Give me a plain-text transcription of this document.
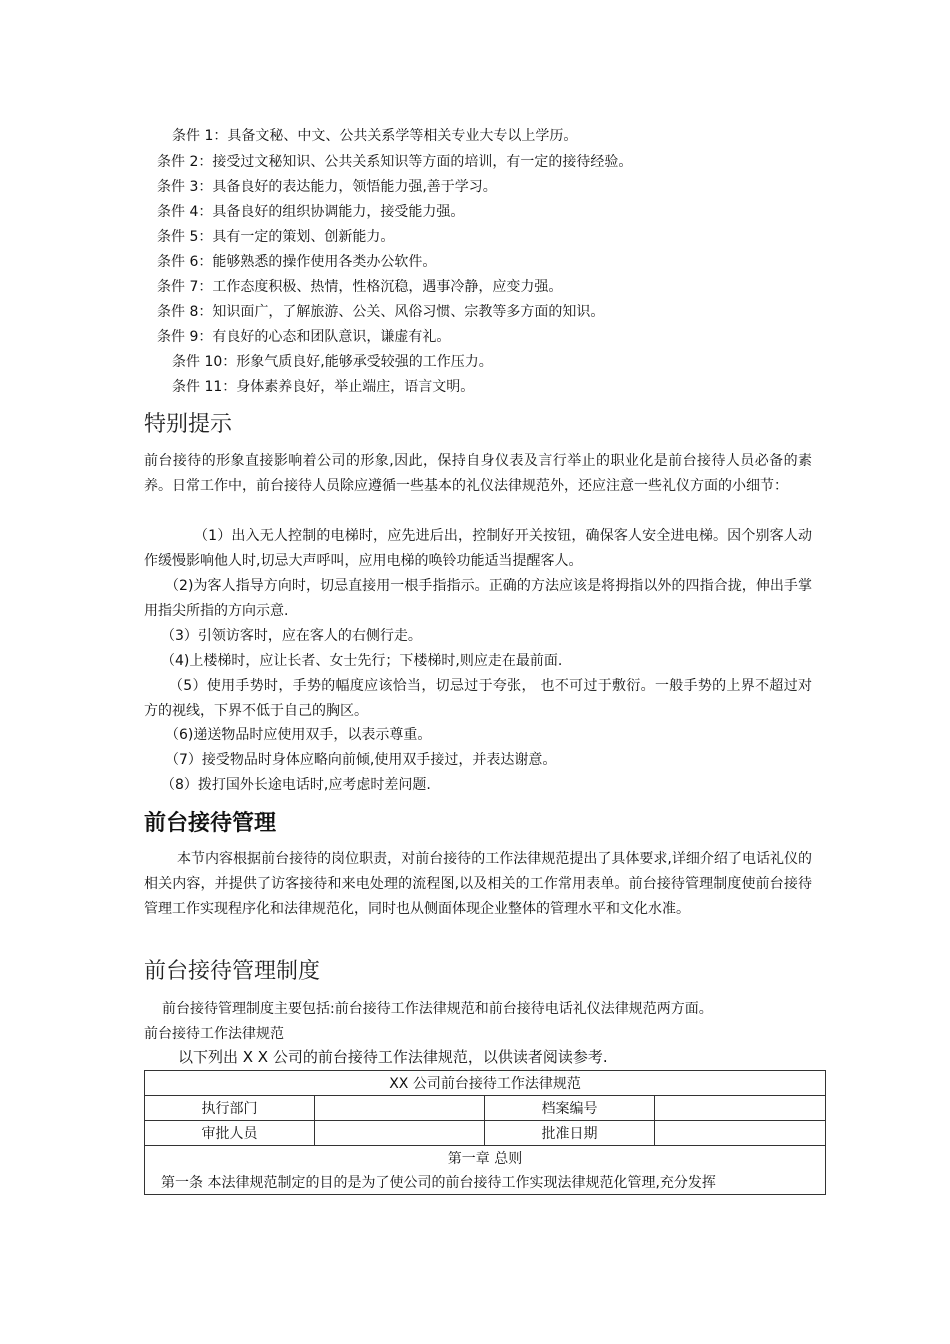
条件 1：具备文秘、中文、公共关系学等相关专业大专以上学历。
条件 2：接受过文秘知识、公共关系知识等方面的培训，有一定的接待经验。
条件 3：具备良好的表达能力，领悟能力强,善于学习。
条件 4：具备良好的组织协调能力，接受能力强。
条件 5：具有一定的策划、创新能力。
条件 6：能够熟悉的操作使用各类办公软件。
条件 7：工作态度积极、热情，性格沉稳，遇事冷静，应变力强。
条件 8：知识面广，了解旅游、公关、风俗习惯、宗教等多方面的知识。
条件 9：有良好的心态和团队意识，谦虚有礼。
条件 10：形象气质良好,能够承受较强的工作压力。
条件 11：身体素养良好，举止端庄，语言文明。
特别提示
前台接待的形象直接影响着公司的形象,因此，保持自身仪表及言行举止的职业化是前台接待人员必备的素养。日常工作中，前台接待人员除应遵循一些基本的礼仪法律规范外，还应注意一些礼仪方面的小细节：
（1）出入无人控制的电梯时，应先进后出，控制好开关按钮，确保客人安全进电梯。因个别客人动作缓慢影响他人时,切忌大声呼叫，应用电梯的唤铃功能适当提醒客人。
（2)为客人指导方向时，切忌直接用一根手指指示。正确的方法应该是将拇指以外的四指合拢，伸出手掌用指尖所指的方向示意.
（3）引领访客时，应在客人的右侧行走。
（4)上楼梯时，应让长者、女士先行；下楼梯时,则应走在最前面.
（5）使用手势时，手势的幅度应该恰当，切忌过于夸张， 也不可过于敷衍。一般手势的上界不超过对方的视线，下界不低于自己的胸区。
（6)递送物品时应使用双手，以表示尊重。
（7）接受物品时身体应略向前倾,使用双手接过，并表达谢意。
（8）拨打国外长途电话时,应考虑时差问题.
前台接待管理
本节内容根据前台接待的岗位职责，对前台接待的工作法律规范提出了具体要求,详细介绍了电话礼仪的相关内容，并提供了访客接待和来电处理的流程图,以及相关的工作常用表单。前台接待管理制度使前台接待管理工作实现程序化和法律规范化，同时也从侧面体现企业整体的管理水平和文化水准。
前台接待管理制度
前台接待管理制度主要包括:前台接待工作法律规范和前台接待电话礼仪法律规范两方面。
前台接待工作法律规范
以下列出 X X 公司的前台接待工作法律规范，以供读者阅读参考.
XX 公司前台接待工作法律规范			
执行部门		档案编号	
审批人员		批准日期	
第一章 总则			
第一条 本法律规范制定的目的是为了使公司的前台接待工作实现法律规范化管理,充分发挥			
